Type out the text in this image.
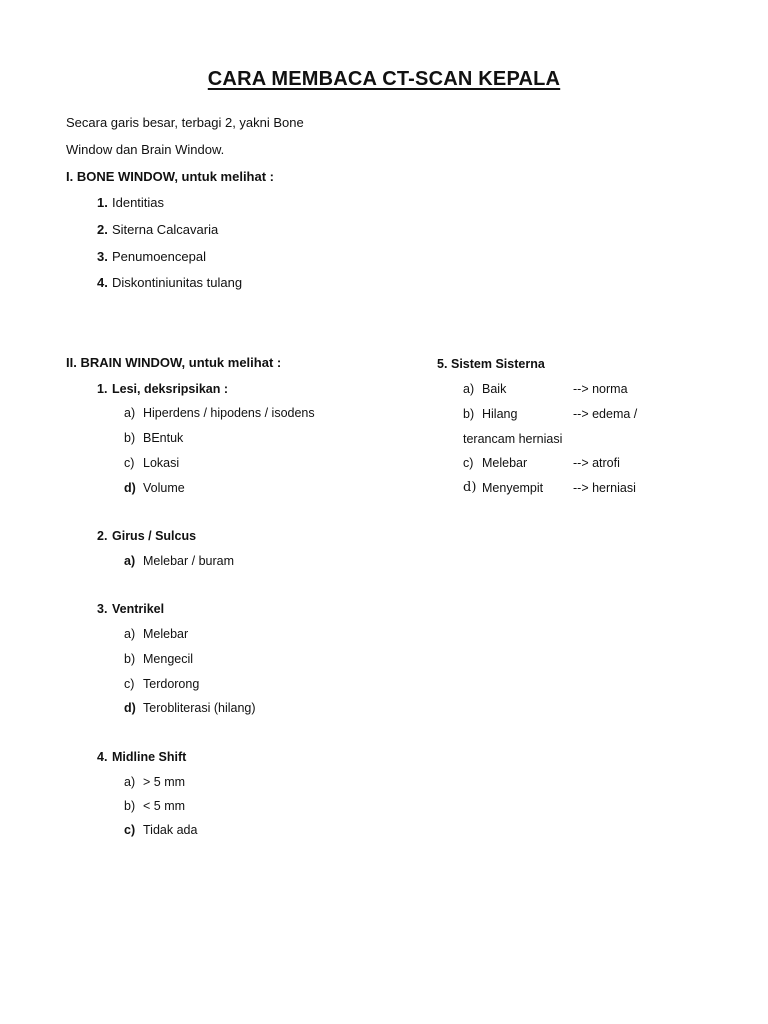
CARA MEMBACA CT-SCAN KEPALA
Secara garis besar, terbagi 2, yakni Bone
Window dan Brain Window.
I. BONE WINDOW, untuk melihat :
1. Identitias
2. Siterna Calcavaria
3. Penumoencepal
4. Diskontiniunitas tulang
II. BRAIN WINDOW, untuk melihat :
1. Lesi, deksripsikan :
a) Hiperdens / hipodens / isodens
b) BEntuk
c) Lokasi
d) Volume
2. Girus / Sulcus
a) Melebar / buram
3. Ventrikel
a) Melebar
b) Mengecil
c) Terdorong
d) Terobliterasi (hilang)
4. Midline Shift
a) > 5 mm
b) < 5 mm
c) Tidak ada
5. Sistem Sisterna
a) Baik	--> norma
b) Hilang	--> edema /
terancam herniasi
c) Melebar	--> atrofi
d) Menyempit --> herniasi
